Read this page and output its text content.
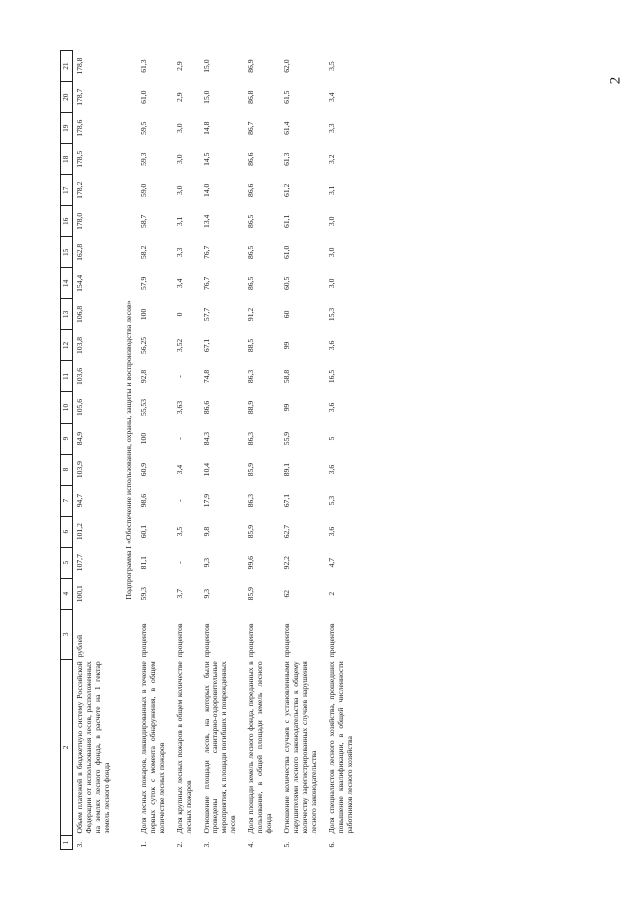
2
1	2	3	4	5	6	7	8	9	10	11	12	13	14	15	16	17	18	19	20	21
3.	Объем платежей в бюджетную систему Российской Федерации от использования лесов, расположенных на землях лесного фонда, в расчете на 1 гектар земель лесного фонда	рублей	100,1	107,7	101,2	94,7	103,9	84,9	105,6	103,6	103,8	106,8	154,4	162,8	178,0	178,2	178,5	178,6	178,7	178,8
Подпрограмма I «Обеспечение использования, охраны, защиты и воспроизводства лесов»																				
1.	Доля лесных пожаров, ликвидированных в течение первых суток с момента обнаружения, в общем количестве лесных пожаров	процентов	59,3	81,1	60,1	98,6	60,9	100	55,53	92,8	56,25	100	57,9	58,2	58,7	59,0	59,3	59,5	61,0	61,3
2.	Доля крупных лесных пожаров в общем количестве лесных пожаров	процентов	3,7	-	3,5	-	3,4	-	3,63	-	3,52	0	3,4	3,3	3,1	3,0	3,0	3,0	2,9	2,9
3.	Отношение площади лесов, на которых были проведены санитарно-оздоровительные мероприятия, к площади погибших и поврежденных лесов	процентов	9,3	9,3	9,8	17,9	10,4	84,3	86,6	74,8	67,1	57,7	76,7	76,7	13,4	14,0	14,5	14,8	15,0	15,0
4.	Доля площади земель лесного фонда, переданных в пользование, в общей площади земель лесного фонда	процентов	85,9	99,6	85,9	86,3	85,9	86,3	88,9	86,3	88,5	91,2	86,5	86,5	86,5	86,6	86,6	86,7	86,8	86,9
5.	Отношение количества случаев с установленными нарушителями лесного законодательства к общему количеству зарегистрированных случаев нарушения лесного законодательства	процентов	62	92,2	62,7	67,1	89,1	55,9	99	58,8	99	60	60,5	61,0	61,1	61,2	61,3	61,4	61,5	62,0
6.	Доля специалистов лесного хозяйства, прошедших повышение квалификации, в общей численности работников лесного хозяйства	процентов	2	4,7	3,6	5,3	3,6	5	3,6	16,5	3,6	15,3	3,0	3,0	3,0	3,1	3,2	3,3	3,4	3,5
